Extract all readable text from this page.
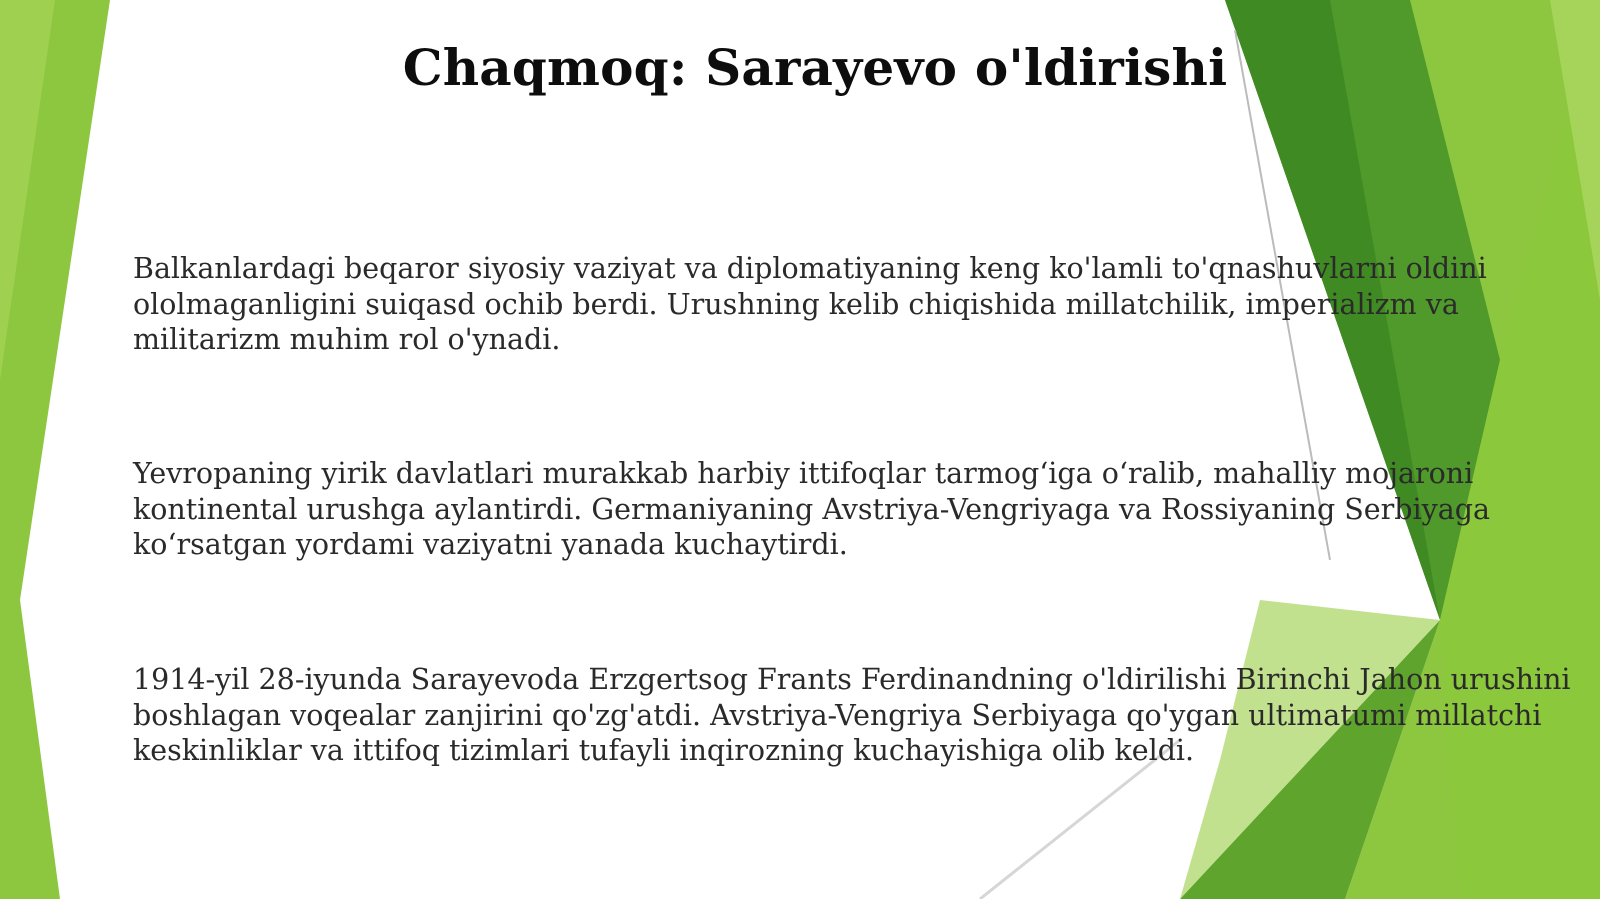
Chaqmoq: Sarayevo o'ldirishi

Balkanlardagi beqaror siyosiy vaziyat va diplomatiyaning keng ko'lamli to'qnashuvlarni oldini ololmaganligini suiqasd ochib berdi. Urushning kelib chiqishida millatchilik, imperializm va militarizm muhim rol o'ynadi.

Yevropaning yirik davlatlari murakkab harbiy ittifoqlar tarmog‘iga o‘ralib, mahalliy mojaroni kontinental urushga aylantirdi. Germaniyaning Avstriya-Vengriyaga va Rossiyaning Serbiyaga ko‘rsatgan yordami vaziyatni yanada kuchaytirdi.

1914-yil 28-iyunda Sarayevoda Erzgertsog Frants Ferdinandning o'ldirilishi Birinchi Jahon urushini boshlagan voqealar zanjirini qo'zg'atdi. Avstriya-Vengriya Serbiyaga qo'ygan ultimatumi millatchi keskinliklar va ittifoq tizimlari tufayli inqirozning kuchayishiga olib keldi.
